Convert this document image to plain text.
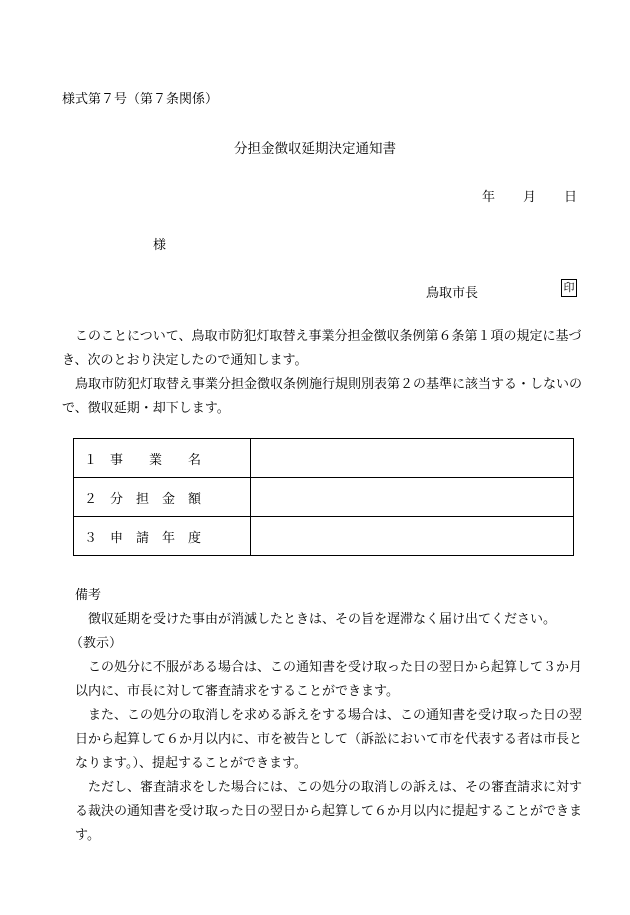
様式第７号（第７条関係）
分担金徴収延期決定通知書
年 月 日
様
鳥取市長	印

このことについて、鳥取市防犯灯取替え事業分担金徴収条例第６条第１項の規定に基づき、次のとおり決定したので通知します。

鳥取市防犯灯取替え事業分担金徴収条例施行規則別表第２の基準に該当する・しないので、徴収延期・却下します。

１　事　　業　　名	
２　分　担　金　額	
３　申　請　年　度	

備考

徴収延期を受けた事由が消滅したときは、その旨を遅滞なく届け出てください。

（教示）

この処分に不服がある場合は、この通知書を受け取った日の翌日から起算して３か月以内に、市長に対して審査請求をすることができます。

また、この処分の取消しを求める訴えをする場合は、この通知書を受け取った日の翌日から起算して６か月以内に、市を被告として（訴訟において市を代表する者は市長となります。）、提起することができます。

ただし、審査請求をした場合には、この処分の取消しの訴えは、その審査請求に対する裁決の通知書を受け取った日の翌日から起算して６か月以内に提起することができます。
